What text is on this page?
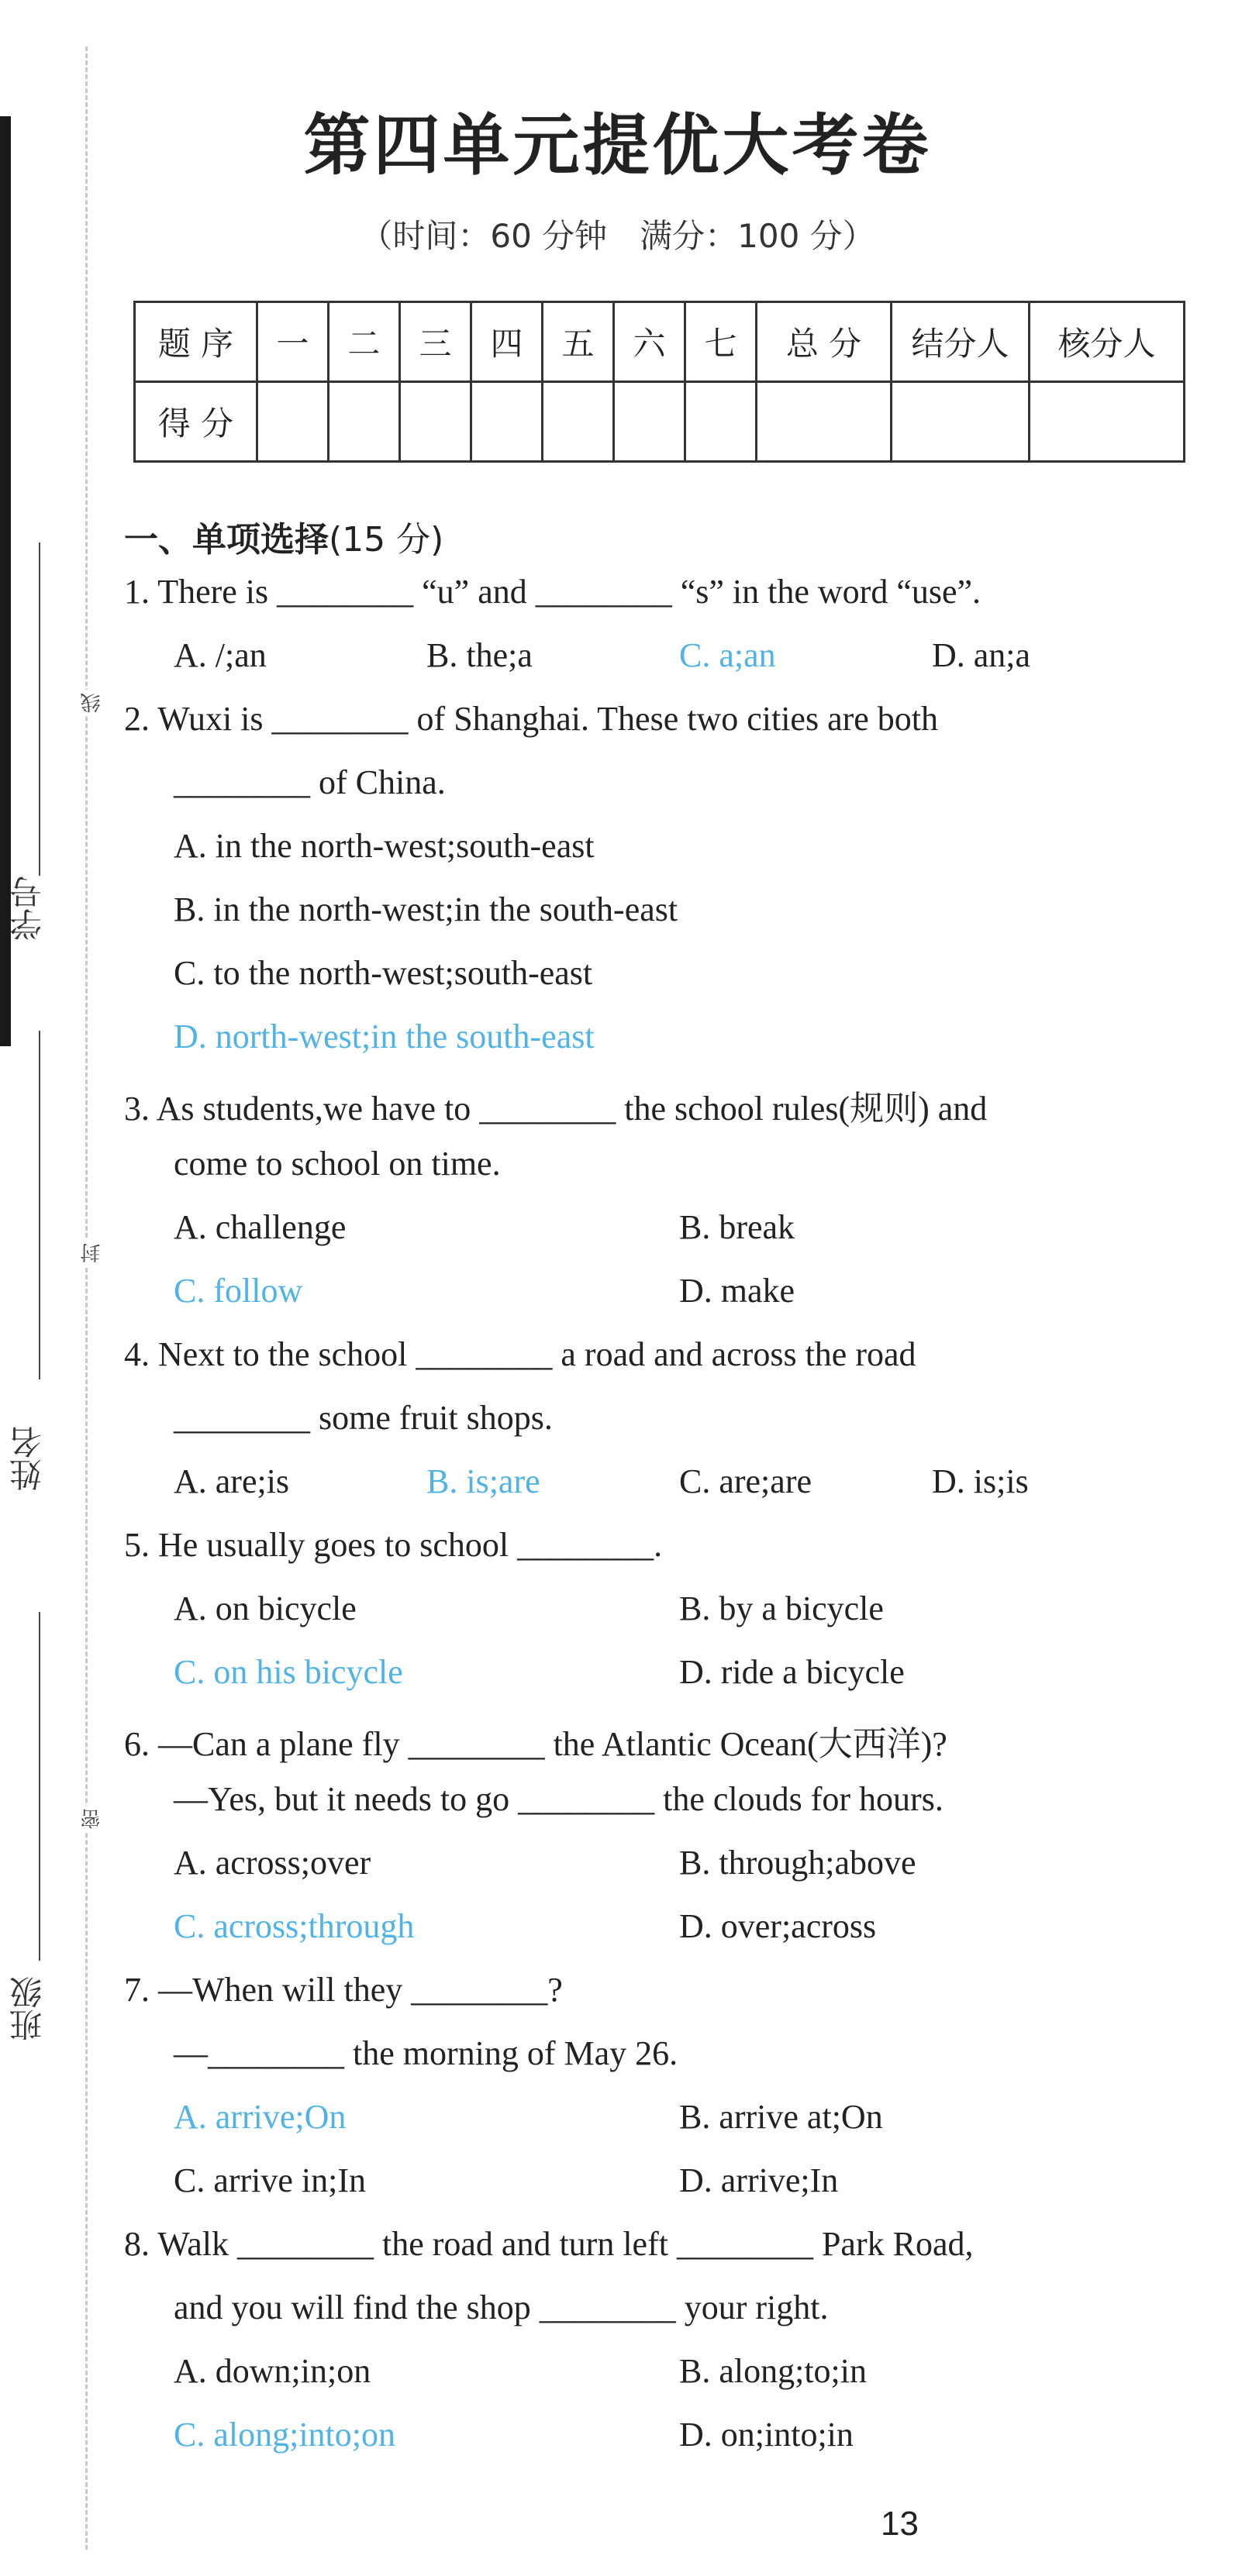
学号
姓名
班级
线
封
密
第四单元提优大考卷
（时间：60 分钟　满分：100 分）
题 序	一	二	三	四	五	六	七	总 分	结分人	核分人
得 分										
一、单项选择(15 分)
1. There is ________ “u” and ________ “s” in the word “use”.
A. /;an	B. the;a	C. a;an	D. an;a
2. Wuxi is ________ of Shanghai. These two cities are both
________ of China.
A. in the north-west;south-east
B. in the north-west;in the south-east
C. to the north-west;south-east
D. north-west;in the south-east
3. As students,we have to ________ the school rules(规则) and
come to school on time.
A. challenge	B. break
C. follow	D. make
4. Next to the school ________ a road and across the road
________ some fruit shops.
A. are;is	B. is;are	C. are;are	D. is;is
5. He usually goes to school ________.
A. on bicycle	B. by a bicycle
C. on his bicycle	D. ride a bicycle
6. —Can a plane fly ________ the Atlantic Ocean(大西洋)?
—Yes, but it needs to go ________ the clouds for hours.
A. across;over	B. through;above
C. across;through	D. over;across
7. —When will they ________?
—________ the morning of May 26.
A. arrive;On	B. arrive at;On
C. arrive in;In	D. arrive;In
8. Walk ________ the road and turn left ________ Park Road,
and you will find the shop ________ your right.
A. down;in;on	B. along;to;in
C. along;into;on	D. on;into;in
13
